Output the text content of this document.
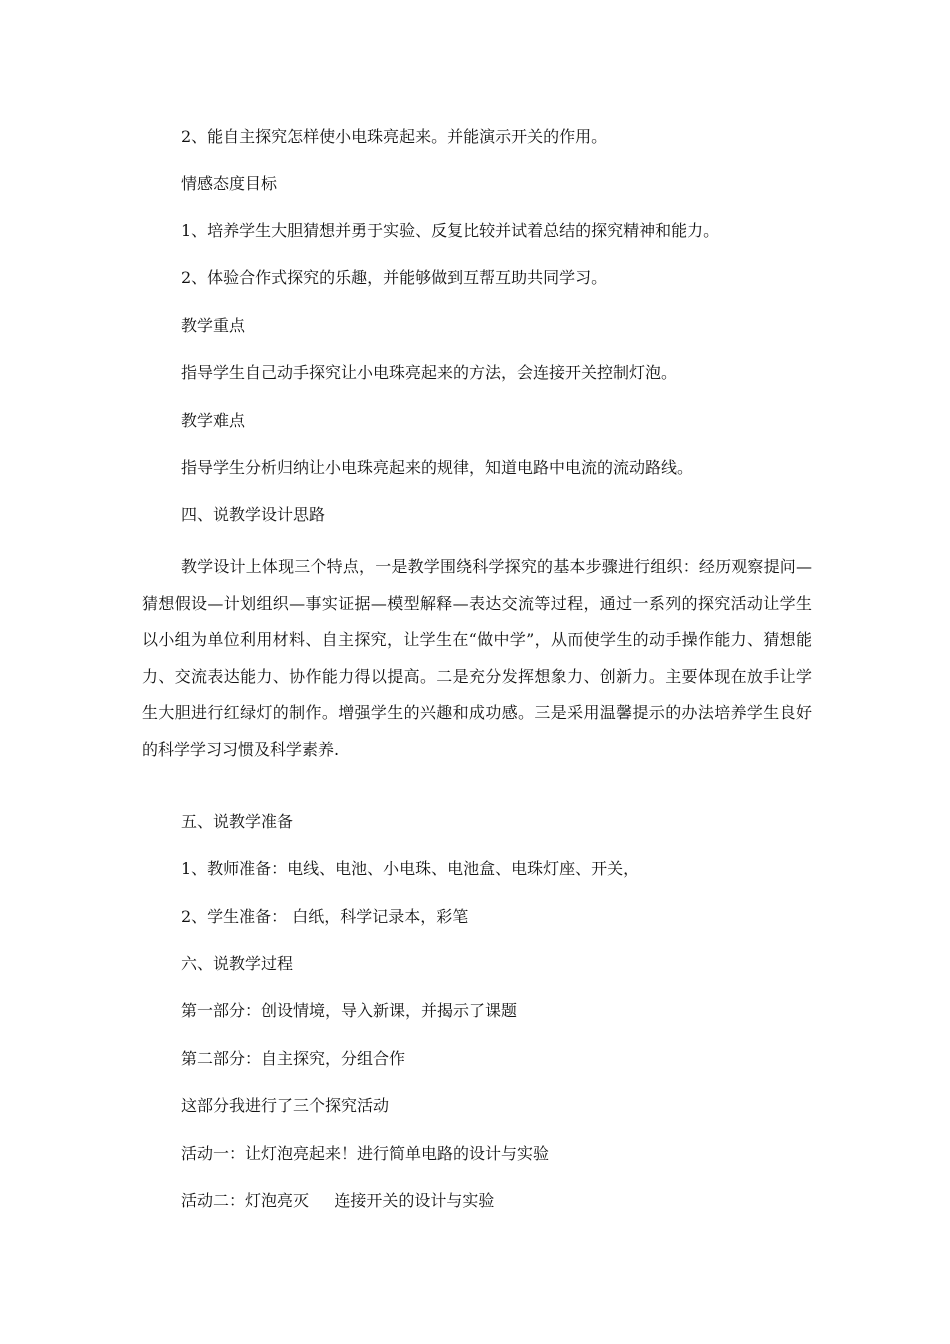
2、能自主探究怎样使小电珠亮起来。并能演示开关的作用。
情感态度目标
1、培养学生大胆猜想并勇于实验、反复比较并试着总结的探究精神和能力。
2、体验合作式探究的乐趣，并能够做到互帮互助共同学习。
教学重点
指导学生自己动手探究让小电珠亮起来的方法，会连接开关控制灯泡。
教学难点
指导学生分析归纳让小电珠亮起来的规律，知道电路中电流的流动路线。
四、说教学设计思路
教学设计上体现三个特点，一是教学围绕科学探究的基本步骤进行组织：经历观察提问—猜想假设—计划组织—事实证据—模型解释—表达交流等过程，通过一系列的探究活动让学生以小组为单位利用材料、自主探究，让学生在“做中学”，从而使学生的动手操作能力、猜想能力、交流表达能力、协作能力得以提高。二是充分发挥想象力、创新力。主要体现在放手让学生大胆进行红绿灯的制作。增强学生的兴趣和成功感。三是采用温馨提示的办法培养学生良好的科学学习习惯及科学素养.
五、说教学准备
1、教师准备：电线、电池、小电珠、电池盒、电珠灯座、开关，
2、学生准备： 白纸，科学记录本，彩笔
六、说教学过程
第一部分：创设情境，导入新课，并揭示了课题
第二部分：自主探究，分组合作
这部分我进行了三个探究活动
活动一：让灯泡亮起来！进行简单电路的设计与实验
活动二：灯泡亮灭     连接开关的设计与实验
